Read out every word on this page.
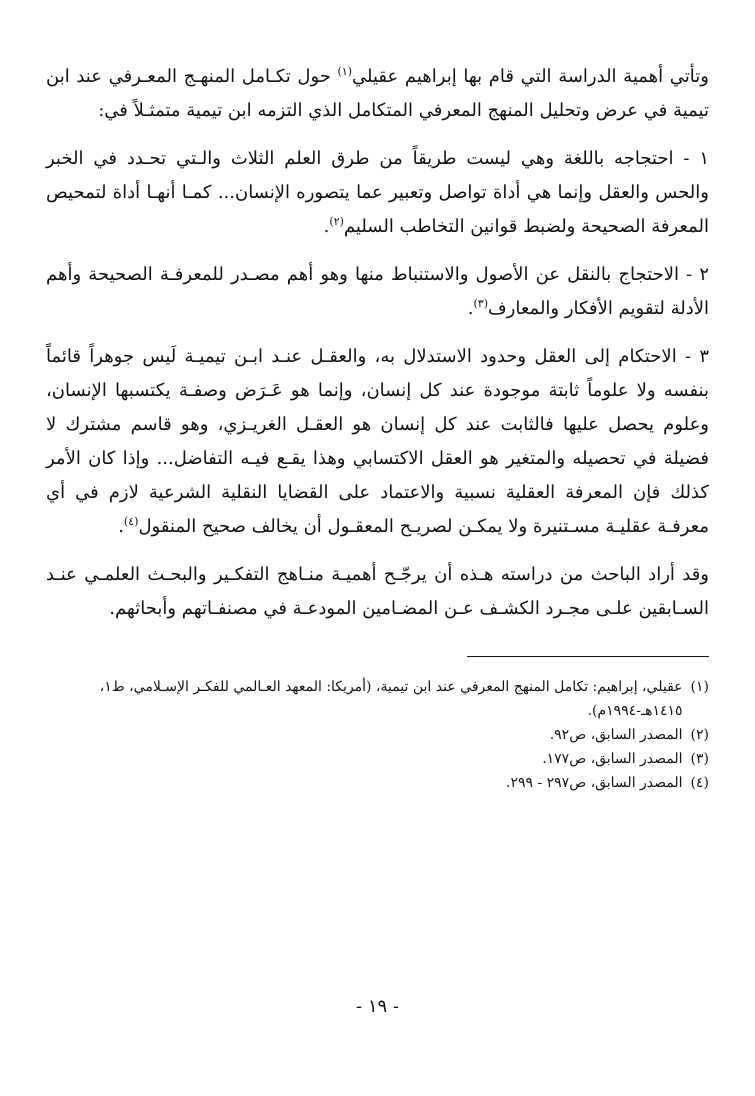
وتأتي أهمية الدراسة التي قام بها إبراهيم عقيلي$^{(١)}$ حول تكـامل المنهـج المعـرفي عند ابن تيمية في عرض وتحليل المنهج المعرفي المتكامل الذي التزمه ابن تيمية متمثـلاً في:

١ - احتجاجه باللغة وهي ليست طريقاً من طرق العلم الثلاث والـتي تحـدد في الخبر والحس والعقل وإنما هي أداة تواصل وتعبير عما يتصوره الإنسان... كمـا أنهـا أداة لتمحيص المعرفة الصحيحة ولضبط قوانين التخاطب السليم$^{(٢)}$.

٢ - الاحتجاج بالنقل عن الأصول والاستنباط منها وهو أهم مصـدر للمعرفـة الصحيحة وأهم الأدلة لتقويم الأفكار والمعارف$^{(٣)}$.

٣ - الاحتكام إلى العقل وحدود الاستدلال به، والعقـل عنـد ابـن تيميـة لَيس جوهراً قائماً بنفسه ولا علوماً ثابتة موجودة عند كل إنسان، وإنما هو عَـرَض وصفـة يكتسبها الإنسان، وعلوم يحصل عليها فالثابت عند كل إنسان هو العقـل الغريـزي، وهو قاسم مشترك لا فضيلة في تحصيله والمتغير هو العقل الاكتسابي وهذا يقـع فيـه التفاضل... وإذا كان الأمر كذلك فإن المعرفة العقلية نسبية والاعتماد على القضايا النقلية الشرعية لازم في أي معرفـة عقليـة مسـتنيرة ولا يمكـن لصريـح المعقـول أن يخالف صحيح المنقول$^{(٤)}$.

وقد أراد الباحث من دراسته هـذه أن يرجّـح أهميـة منـاهج التفكـير والبحـث العلمـي عنـد السـابقين علـى مجـرد الكشـف عـن المضـامين المودعـة في مصنفـاتهم وأبحاثهم.

(١)
عقيلي، إبراهيم: تكامل المنهج المعرفي عند ابن تيمية، (أمريكا: المعهد العـالمي للفكـر الإسـلامي، ط١، ١٤١٥هـ-١٩٩٤م).
(٢)
المصدر السابق، ص٩٢.
(٣)
المصدر السابق، ص١٧٧.
(٤)
المصدر السابق، ص٢٩٧ - ٢٩٩.
- ١٩ -
